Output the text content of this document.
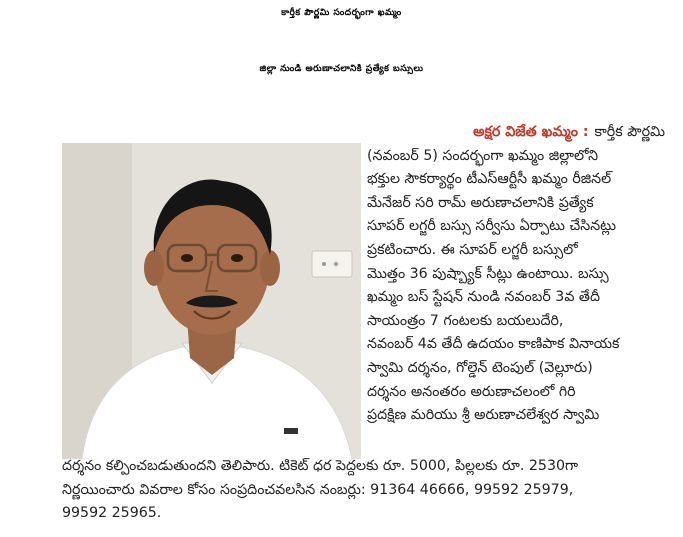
కార్తీక పౌర్ణమి సందర్భంగా ఖమ్మం
జిల్లా నుండి అరుణాచలానికి ప్రత్యేక బస్సులు
అక్షర విజేత ఖమ్మం : కార్తీక పౌర్ణమి
(నవంబర్ 5) సందర్భంగా ఖమ్మం జిల్లాలోని
భక్తుల సౌకర్యార్థం టీఎస్ఆర్టీసీ ఖమ్మం రీజినల్
మేనేజర్ సరి రామ్ అరుణాచలానికి ప్రత్యేక
సూపర్ లగ్జరీ బస్సు సర్వీసు ఏర్పాటు చేసినట్లు
ప్రకటించారు. ఈ సూపర్ లగ్జరీ బస్సులో
మొత్తం 36 పుష్బ్యాక్ సీట్లు ఉంటాయి. బస్సు
ఖమ్మం బస్ స్టేషన్ నుండి నవంబర్ 3వ తేదీ
సాయంత్రం 7 గంటలకు బయలుదేరి,
నవంబర్ 4వ తేదీ ఉదయం కాణిపాక వినాయక
స్వామి దర్శనం, గోల్డెన్ టెంపుల్ (వెల్లూరు)
దర్శనం అనంతరం అరుణాచలంలో గిరి
ప్రదక్షిణ మరియు శ్రీ అరుణాచలేశ్వర స్వామి
దర్శనం కల్పించబడుతుందని తెలిపారు. టికెట్ ధర పెద్దలకు రూ. 5000, పిల్లలకు రూ. 2530గా
నిర్ణయించారు వివరాల కోసం సంప్రదించవలసిన నంబర్లు: 91364 46666, 99592 25979,
99592 25965.
